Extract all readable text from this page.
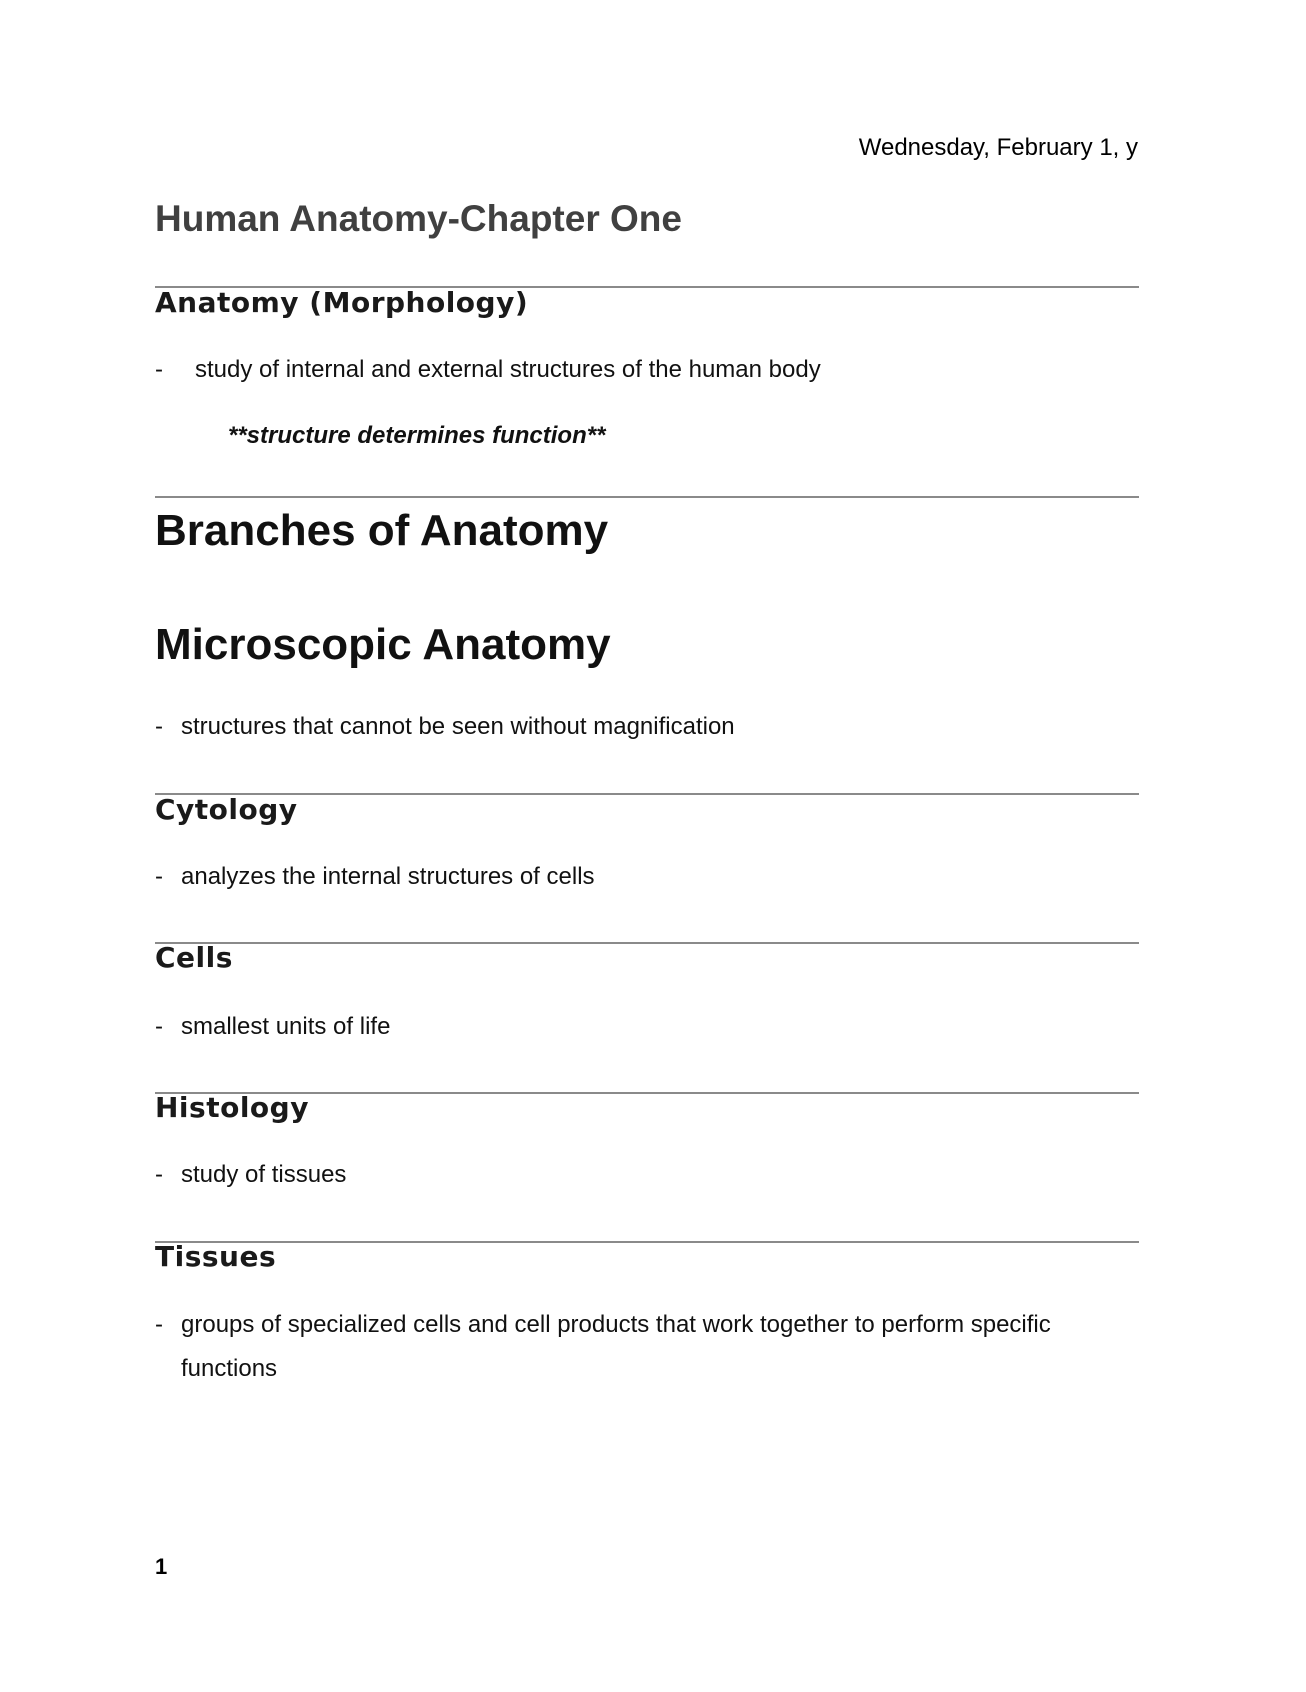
Wednesday, February 1, y
Human Anatomy-Chapter One
Anatomy (Morphology)
- study of internal and external structures of the human body
**structure determines function**
Branches of Anatomy
Microscopic Anatomy
- structures that cannot be seen without magnification
Cytology
- analyzes the internal structures of cells
Cells
- smallest units of life
Histology
- study of tissues
Tissues
- groups of specialized cells and cell products that work together to perform specific functions
1
